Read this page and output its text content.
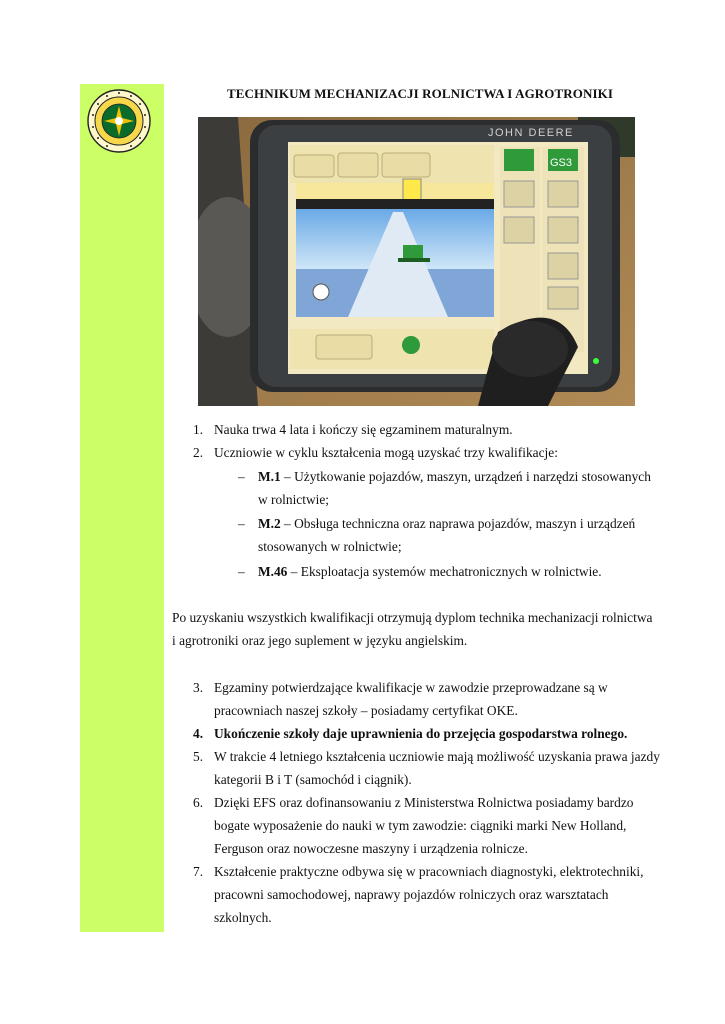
TECHNIKUM MECHANIZACJI ROLNICTWA I AGROTRONIKI
JOHN DEERE
GS3
1. Nauka trwa 4 lata i kończy się egzaminem maturalnym.
2. Uczniowie w cyklu kształcenia mogą uzyskać trzy kwalifikacje:
– M.1 – Użytkowanie pojazdów, maszyn, urządzeń i narzędzi stosowanych
w rolnictwie;
– M.2 – Obsługa techniczna oraz naprawa pojazdów, maszyn i urządzeń
stosowanych w rolnictwie;
– M.46 – Eksploatacja systemów mechatronicznych w rolnictwie.
Po uzyskaniu wszystkich kwalifikacji otrzymują dyplom technika mechanizacji rolnictwa
i agrotroniki oraz jego suplement w języku angielskim.
3. Egzaminy potwierdzające kwalifikacje w zawodzie przeprowadzane są w
pracowniach naszej szkoły – posiadamy certyfikat OKE.
4. Ukończenie szkoły daje uprawnienia do przejęcia gospodarstwa rolnego.
5. W trakcie 4 letniego kształcenia uczniowie mają możliwość uzyskania prawa jazdy
kategorii B i T (samochód i ciągnik).
6. Dzięki EFS oraz dofinansowaniu z Ministerstwa Rolnictwa posiadamy bardzo
bogate wyposażenie do nauki w tym zawodzie: ciągniki marki New Holland,
Ferguson oraz nowoczesne maszyny i urządzenia rolnicze.
7. Kształcenie praktyczne odbywa się w pracowniach diagnostyki, elektrotechniki,
pracowni samochodowej, naprawy pojazdów rolniczych oraz warsztatach
szkolnych.
